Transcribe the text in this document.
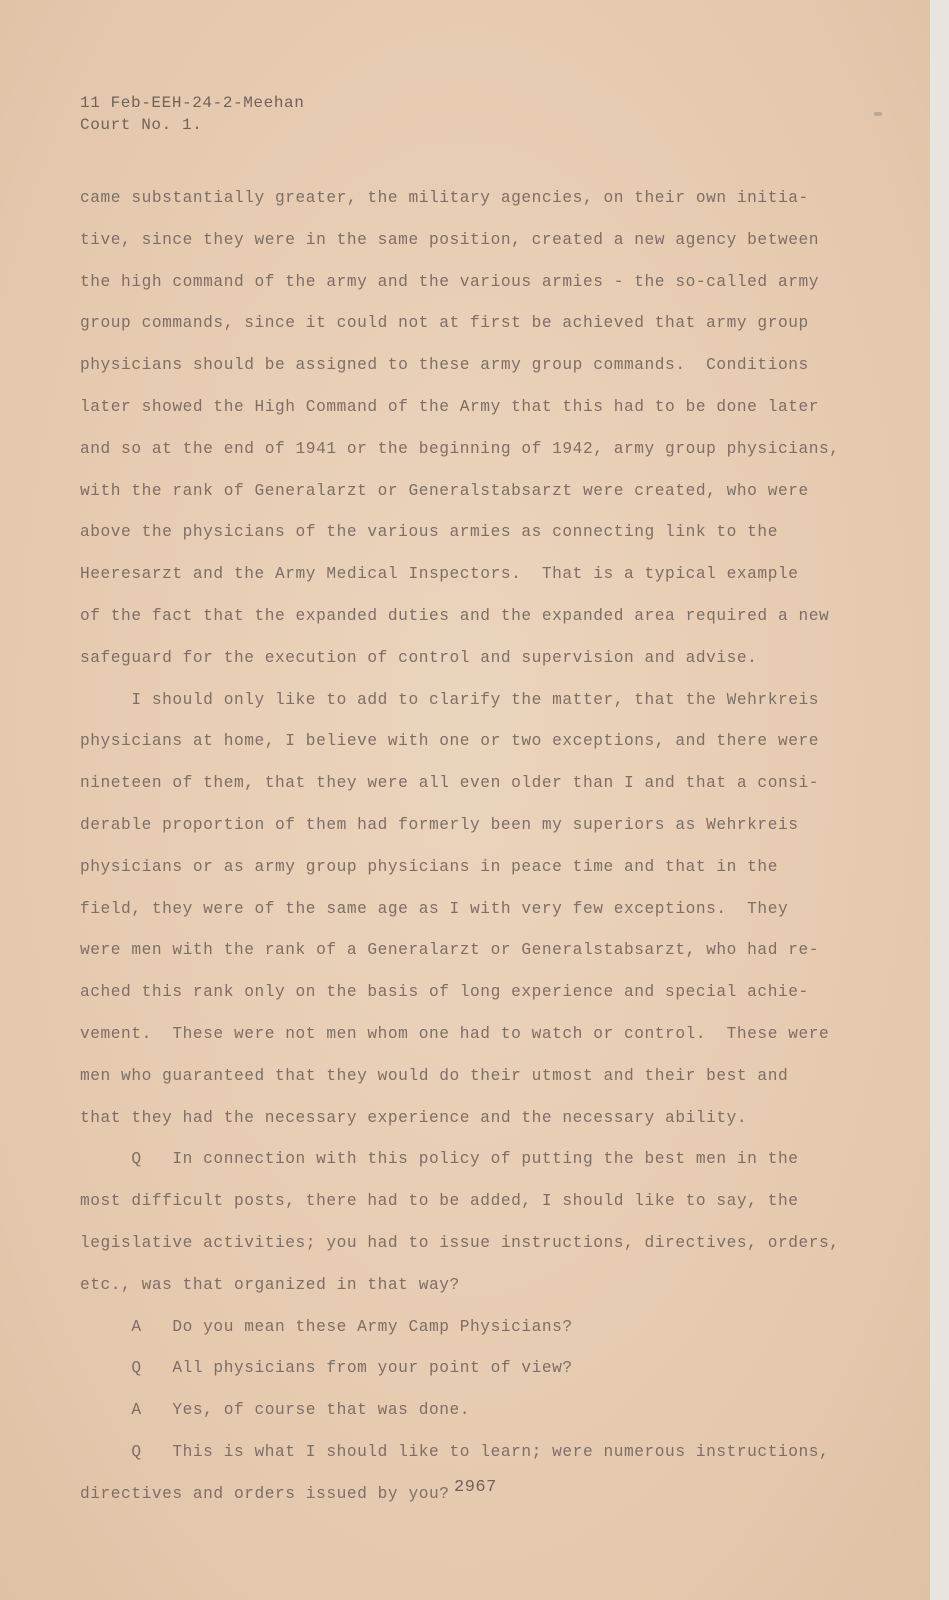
11 Feb-EEH-24-2-Meehan
Court No. 1.
came substantially greater, the military agencies, on their own initia-
tive, since they were in the same position, created a new agency between
the high command of the army and the various armies - the so-called army
group commands, since it could not at first be achieved that army group
physicians should be assigned to these army group commands.  Conditions
later showed the High Command of the Army that this had to be done later
and so at the end of 1941 or the beginning of 1942, army group physicians,
with the rank of Generalarzt or Generalstabsarzt were created, who were
above the physicians of the various armies as connecting link to the
Heeresarzt and the Army Medical Inspectors.  That is a typical example
of the fact that the expanded duties and the expanded area required a new
safeguard for the execution of control and supervision and advise.
I should only like to add to clarify the matter, that the Wehrkreis
physicians at home, I believe with one or two exceptions, and there were
nineteen of them, that they were all even older than I and that a consi-
derable proportion of them had formerly been my superiors as Wehrkreis
physicians or as army group physicians in peace time and that in the
field, they were of the same age as I with very few exceptions.  They
were men with the rank of a Generalarzt or Generalstabsarzt, who had re-
ached this rank only on the basis of long experience and special achie-
vement.  These were not men whom one had to watch or control.  These were
men who guaranteed that they would do their utmost and their best and
that they had the necessary experience and the necessary ability.
Q   In connection with this policy of putting the best men in the
most difficult posts, there had to be added, I should like to say, the
legislative activities; you had to issue instructions, directives, orders,
etc., was that organized in that way?
A   Do you mean these Army Camp Physicians?
Q   All physicians from your point of view?
A   Yes, of course that was done.
Q   This is what I should like to learn; were numerous instructions,
directives and orders issued by you? 2967
